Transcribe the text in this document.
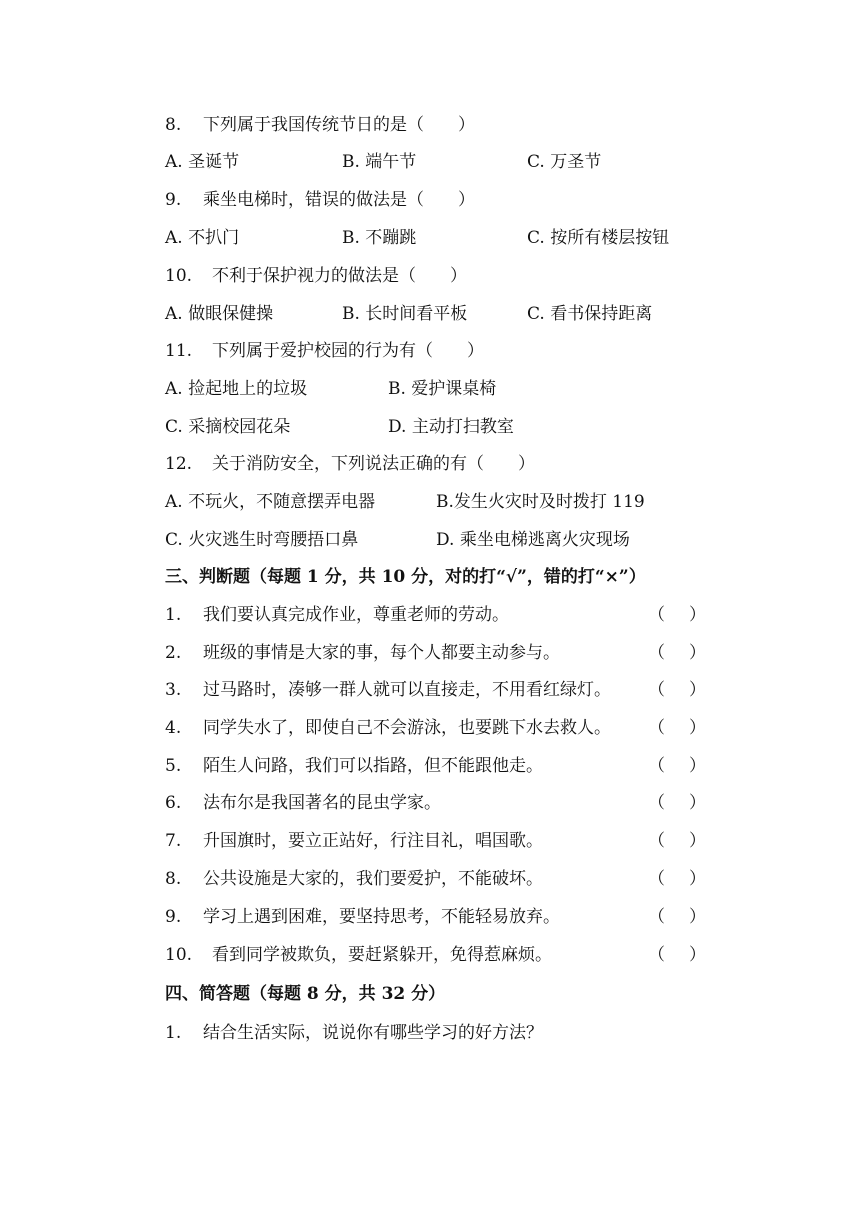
8. 下列属于我国传统节日的是（　　）
A. 圣诞节	B. 端午节	C. 万圣节
9. 乘坐电梯时，错误的做法是（　　）
A. 不扒门	B. 不蹦跳	C. 按所有楼层按钮
10. 不利于保护视力的做法是（　　）
A. 做眼保健操	B. 长时间看平板	C. 看书保持距离
11. 下列属于爱护校园的行为有（　　）
A. 捡起地上的垃圾	B. 爱护课桌椅
C. 采摘校园花朵	D. 主动打扫教室
12. 关于消防安全，下列说法正确的有（　　）
A. 不玩火，不随意摆弄电器	B.发生火灾时及时拨打 119
C. 火灾逃生时弯腰捂口鼻	D. 乘坐电梯逃离火灾现场
三、判断题（每题 1 分，共 10 分，对的打“√”，错的打“×”）
1. 我们要认真完成作业，尊重老师的劳动。	（ ）
2. 班级的事情是大家的事，每个人都要主动参与。	（ ）
3. 过马路时，凑够一群人就可以直接走，不用看红绿灯。 （ ）
4. 同学失水了，即使自己不会游泳，也要跳下水去救人。 （ ）
5. 陌生人问路，我们可以指路，但不能跟他走。	（ ）
6. 法布尔是我国著名的昆虫学家。	（ ）
7. 升国旗时，要立正站好，行注目礼，唱国歌。	（ ）
8. 公共设施是大家的，我们要爱护，不能破坏。	（ ）
9. 学习上遇到困难，要坚持思考，不能轻易放弃。	（ ）
10. 看到同学被欺负，要赶紧躲开，免得惹麻烦。	（ ）
四、简答题（每题 8 分，共 32 分）
1. 结合生活实际，说说你有哪些学习的好方法？
